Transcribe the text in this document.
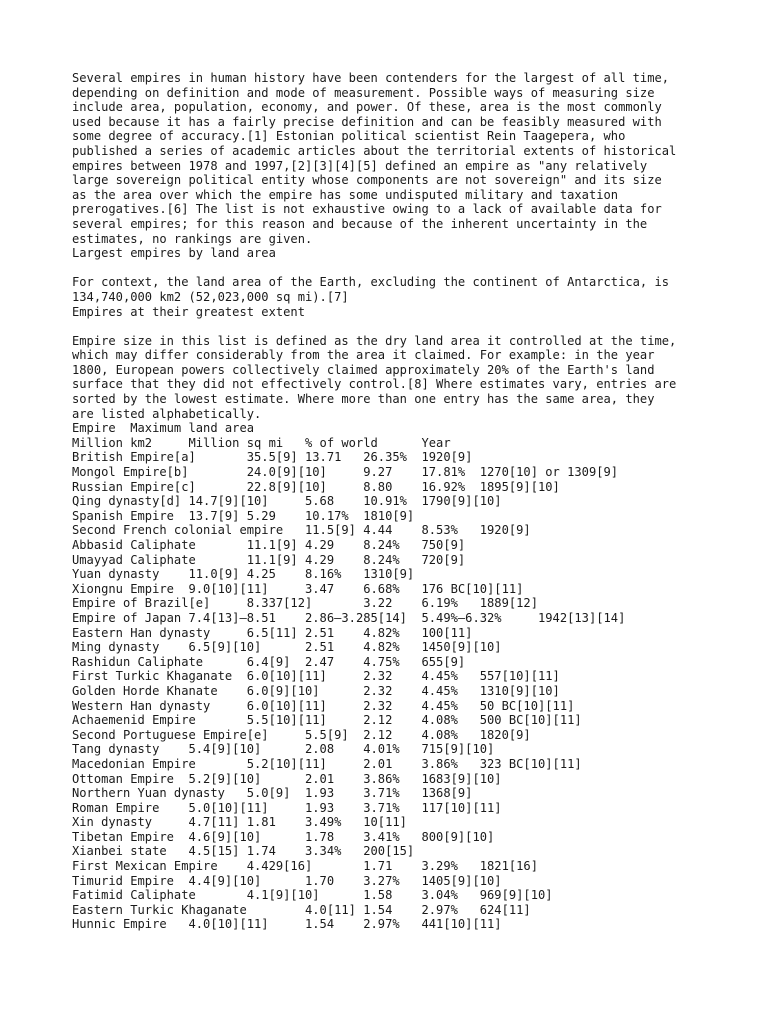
Several empires in human history have been contenders for the largest of all time,
depending on definition and mode of measurement. Possible ways of measuring size
include area, population, economy, and power. Of these, area is the most commonly
used because it has a fairly precise definition and can be feasibly measured with
some degree of accuracy.[1] Estonian political scientist Rein Taagepera, who
published a series of academic articles about the territorial extents of historical
empires between 1978 and 1997,[2][3][4][5] defined an empire as "any relatively
large sovereign political entity whose components are not sovereign" and its size
as the area over which the empire has some undisputed military and taxation
prerogatives.[6] The list is not exhaustive owing to a lack of available data for
several empires; for this reason and because of the inherent uncertainty in the
estimates, no rankings are given.
Largest empires by land area
For context, the land area of the Earth, excluding the continent of Antarctica, is
134,740,000 km2 (52,023,000 sq mi).[7]
Empires at their greatest extent
Empire size in this list is defined as the dry land area it controlled at the time,
which may differ considerably from the area it claimed. For example: in the year
1800, European powers collectively claimed approximately 20% of the Earth's land
surface that they did not effectively control.[8] Where estimates vary, entries are
sorted by the lowest estimate. Where more than one entry has the same area, they
are listed alphabetically.
Empire	Maximum land area
Million km2	Million sq mi	% of world	Year
British Empire[a]	35.5[9]	13.71	26.35%	1920[9]
Mongol Empire[b]	24.0[9][10]	9.27	17.81%	1270[10] or 1309[9]
Russian Empire[c]	22.8[9][10]	8.80	16.92%	1895[9][10]
Qing dynasty[d]	14.7[9][10]	5.68	10.91%	1790[9][10]
Spanish Empire	13.7[9]	5.29	10.17%	1810[9]
Second French colonial empire	11.5[9]	4.44	8.53%	1920[9]
Abbasid Caliphate	11.1[9]	4.29	8.24%	750[9]
Umayyad Caliphate	11.1[9]	4.29	8.24%	720[9]
Yuan dynasty	11.0[9]	4.25	8.16%	1310[9]
Xiongnu Empire	9.0[10][11]	3.47	6.68%	176 BC[10][11]
Empire of Brazil[e]	8.337[12]	3.22	6.19%	1889[12]
Empire of Japan	7.4[13]–8.51	2.86–3.285[14]	5.49%–6.32%	1942[13][14]
Eastern Han dynasty	6.5[11]	2.51	4.82%	100[11]
Ming dynasty	6.5[9][10]	2.51	4.82%	1450[9][10]
Rashidun Caliphate	6.4[9]	2.47	4.75%	655[9]
First Turkic Khaganate	6.0[10][11]	2.32	4.45%	557[10][11]
Golden Horde Khanate	6.0[9][10]	2.32	4.45%	1310[9][10]
Western Han dynasty	6.0[10][11]	2.32	4.45%	50 BC[10][11]
Achaemenid Empire	5.5[10][11]	2.12	4.08%	500 BC[10][11]
Second Portuguese Empire[e]	5.5[9]	2.12	4.08%	1820[9]
Tang dynasty	5.4[9][10]	2.08	4.01%	715[9][10]
Macedonian Empire	5.2[10][11]	2.01	3.86%	323 BC[10][11]
Ottoman Empire	5.2[9][10]	2.01	3.86%	1683[9][10]
Northern Yuan dynasty	5.0[9]	1.93	3.71%	1368[9]
Roman Empire	5.0[10][11]	1.93	3.71%	117[10][11]
Xin dynasty	4.7[11]	1.81	3.49%	10[11]
Tibetan Empire	4.6[9][10]	1.78	3.41%	800[9][10]
Xianbei state	4.5[15]	1.74	3.34%	200[15]
First Mexican Empire	4.429[16]	1.71	3.29%	1821[16]
Timurid Empire	4.4[9][10]	1.70	3.27%	1405[9][10]
Fatimid Caliphate	4.1[9][10]	1.58	3.04%	969[9][10]
Eastern Turkic Khaganate	4.0[11]	1.54	2.97%	624[11]
Hunnic Empire	4.0[10][11]	1.54	2.97%	441[10][11]
